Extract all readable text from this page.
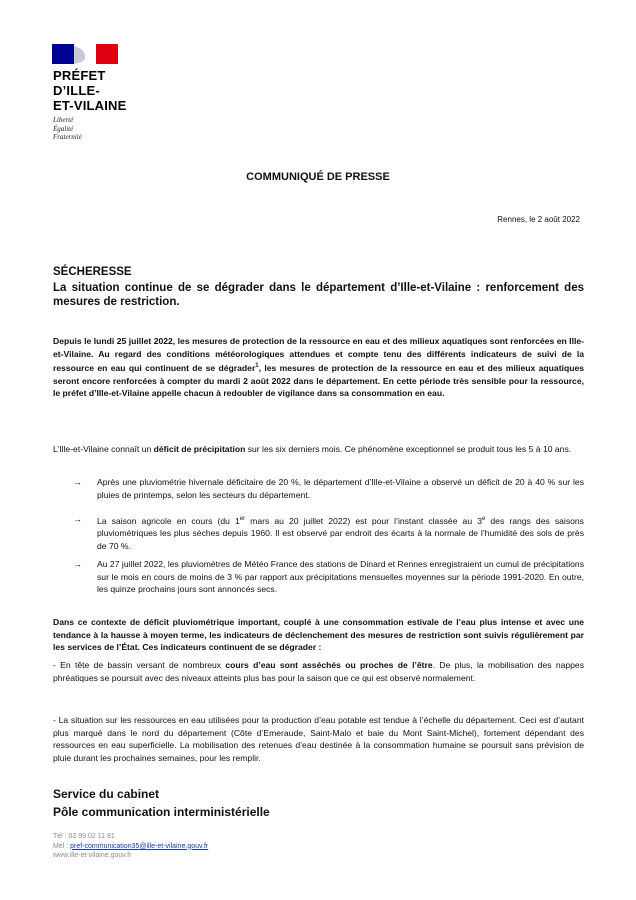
PRÉFET
D’ILLE-
ET-VILAINE
Liberté
Égalité
Fraternité
COMMUNIQUÉ DE PRESSE
Rennes, le 2 août 2022
SÉCHERESSE
La situation continue de se dégrader dans le département d’Ille-et-Vilaine : renforcement des mesures de restriction.
Depuis le lundi 25 juillet 2022, les mesures de protection de la ressource en eau et des milieux aquatiques sont renforcées en Ille-et-Vilaine. Au regard des conditions météorologiques attendues et compte tenu des différents indicateurs de suivi de la ressource en eau qui continuent de se dégrader$^1$, les mesures de protection de la ressource en eau et des milieux aquatiques seront encore renforcées à compter du mardi 2 août 2022 dans le département. En cette période très sensible pour la ressource, le préfet d’Ille-et-Vilaine appelle chacun à redoubler de vigilance dans sa consommation en eau.
L’Ille-et-Vilaine connaît un déficit de précipitation sur les six derniers mois. Ce phénomène exceptionnel se produit tous les 5 à 10 ans.
→ Après une pluviométrie hivernale déficitaire de 20 %, le département d’Ille-et-Vilaine a observé un déficit de 20 à 40 % sur les pluies de printemps, selon les secteurs du département.
→ La saison agricole en cours (du 1er mars au 20 juillet 2022) est pour l’instant classée au 3e des rangs des saisons pluviométriques les plus sèches depuis 1960. Il est observé par endroit des écarts à la normale de l’humidité des sols de près de 70 %.
→ Au 27 juillet 2022, les pluviomètres de Météo France des stations de Dinard et Rennes enregistraient un cumul de précipitations sur le mois en cours de moins de 3 % par rapport aux précipitations mensuelles moyennes sur la période 1991-2020. En outre, les quinze prochains jours sont annoncés secs.
Dans ce contexte de déficit pluviométrique important, couplé à une consommation estivale de l’eau plus intense et avec une tendance à la hausse à moyen terme, les indicateurs de déclenchement des mesures de restriction sont suivis régulièrement par les services de l’État. Ces indicateurs continuent de se dégrader :
- En tête de bassin versant de nombreux cours d’eau sont asséchés ou proches de l’être. De plus, la mobilisation des nappes phréatiques se poursuit avec des niveaux atteints plus bas pour la saison que ce qui est observé normalement.
- La situation sur les ressources en eau utilisées pour la production d’eau potable est tendue à l’échelle du département. Ceci est d’autant plus marqué dans le nord du département (Côte d’Emeraude, Saint-Malo et baie du Mont Saint-Michel), fortement dépendant des ressources en eau superficielle. La mobilisation des retenues d’eau destinée à la consommation humaine se poursuit sans prévision de pluie durant les prochaines semaines, pour les remplir.
Service du cabinet
Pôle communication interministérielle
Tél : 02 99 02 11 81
Mél : pref-communication35@ille-et-vilaine.gouv.fr
www.ille-et-vilaine.gouv.fr
